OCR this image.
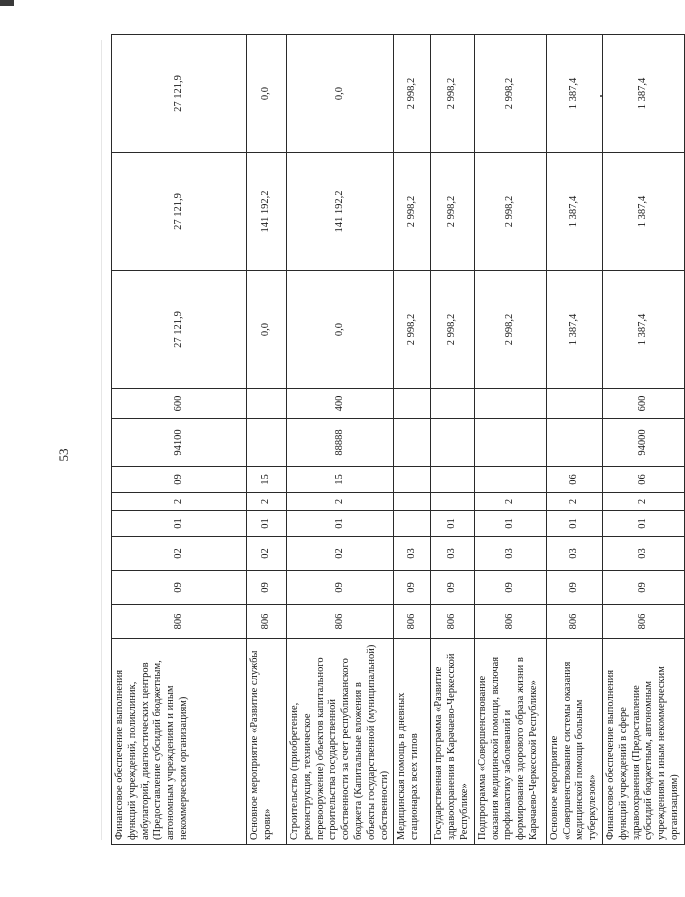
53
Финансовое обеспечение выполнения функций учреждений, поликлиник, амбулаторий, диагностических центров (Предоставление субсидий бюджетным, автономным учреждениям и иным некоммерческим организациям)	806	09	02	01	2	09	94100	600	27 121,9	27 121,9	27 121,9
Основное мероприятие «Развитие службы крови»	806	09	02	01	2	15			0,0	141 192,2	0,0
Строительство (приобретение, реконструкция, техническое перевооружение) объектов капитального строительства государственной собственности за счет республиканского бюджета (Капитальные вложения в объекты государственной (муниципальной) собственности)	806	09	02	01	2	15	88888	400	0,0	141 192,2	0,0
Медицинская помощь в дневных стационарах всех типов	806	09	03						2 998,2	2 998,2	2 998,2
Государственная программа «Развитие здравоохранения в Карачаево-Черкесской Республике»	806	09	03	01					2 998,2	2 998,2	2 998,2
Подпрограмма «Совершенствование оказания медицинской помощи, включая профилактику заболеваний и формирование здорового образа жизни в Карачаево-Черкесской Республике»	806	09	03	01	2				2 998,2	2 998,2	2 998,2
Основное мероприятие «Совершенствование системы оказания медицинской помощи больным туберкулезом»	806	09	03	01	2	06			1 387,4	1 387,4	1 387,4
Финансовое обеспечение выполнения функций учреждений в сфере здравоохранения (Предоставление субсидий бюджетным, автономным учреждениям и иным некоммерческим организациям)	806	09	03	01	2	06	94000	600	1 387,4	1 387,4	1 387,4
